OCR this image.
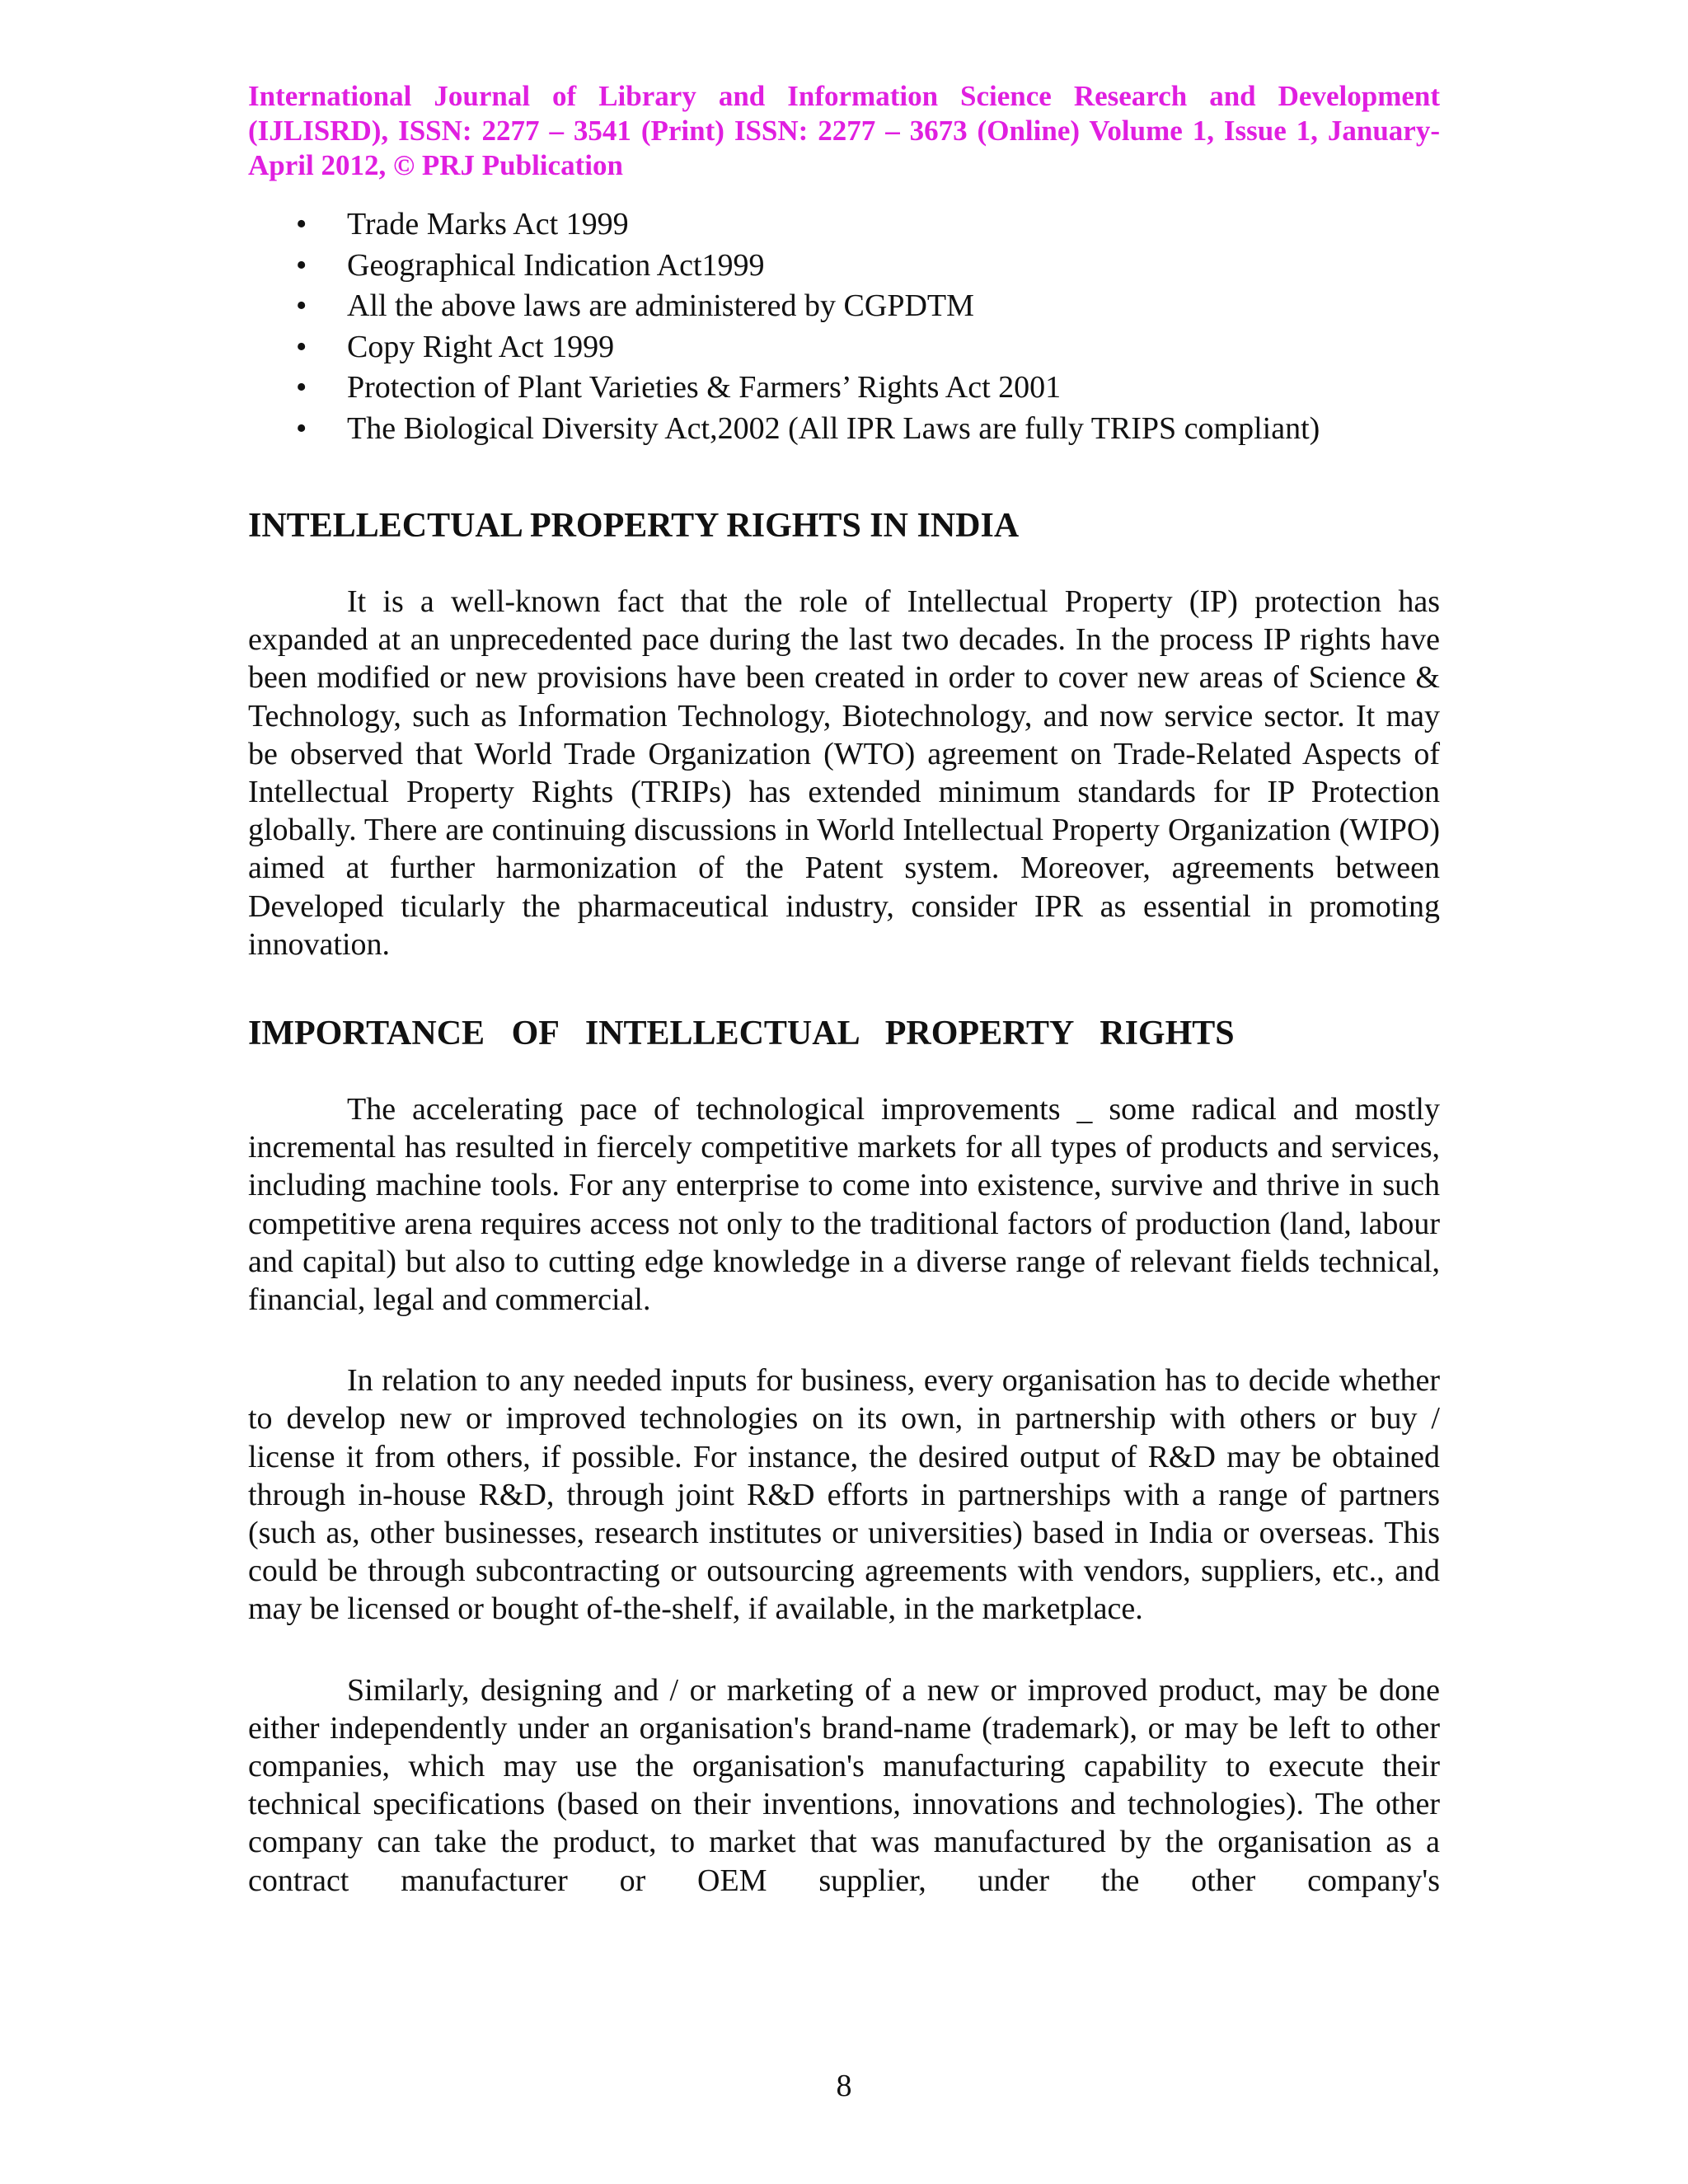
International Journal of Library and Information Science Research and Development (IJLISRD), ISSN: 2277 – 3541 (Print) ISSN: 2277 – 3673 (Online) Volume 1, Issue 1, January- April 2012, © PRJ Publication

• Trade Marks Act 1999
• Geographical Indication Act1999
• All the above laws are administered by CGPDTM
• Copy Right Act 1999
• Protection of Plant Varieties & Farmers’ Rights Act 2001
• The Biological Diversity Act,2002 (All IPR Laws are fully TRIPS compliant)
INTELLECTUAL PROPERTY RIGHTS IN INDIA

It is a well-known fact that the role of Intellectual Property (IP) protection has expanded at an unprecedented pace during the last two decades. In the process IP rights have been modified or new provisions have been created in order to cover new areas of Science & Technology, such as Information Technology, Biotechnology, and now service sector. It may be observed that World Trade Organization (WTO) agreement on Trade-Related Aspects of Intellectual Property Rights (TRIPs) has extended minimum standards for IP Protection globally. There are continuing discussions in World Intellectual Property Organization (WIPO) aimed at further harmonization of the Patent system. Moreover, agreements between Developed ticularly the pharmaceutical industry, consider IPR as essential in promoting innovation.

IMPORTANCE OF INTELLECTUAL PROPERTY RIGHTS

The accelerating pace of technological improvements _ some radical and mostly incremental has resulted in fiercely competitive markets for all types of products and services, including machine tools. For any enterprise to come into existence, survive and thrive in such competitive arena requires access not only to the traditional factors of production (land, labour and capital) but also to cutting edge knowledge in a diverse range of relevant fields technical, financial, legal and commercial.

In relation to any needed inputs for business, every organisation has to decide whether to develop new or improved technologies on its own, in partnership with others or buy / license it from others, if possible. For instance, the desired output of R&D may be obtained through in-house R&D, through joint R&D efforts in partnerships with a range of partners (such as, other businesses, research institutes or universities) based in India or overseas. This could be through subcontracting or outsourcing agreements with vendors, suppliers, etc., and may be licensed or bought of-the-shelf, if available, in the marketplace.

Similarly, designing and / or marketing of a new or improved product, may be done either independently under an organisation's brand-name (trademark), or may be left to other companies, which may use the organisation's manufacturing capability to execute their technical specifications (based on their inventions, innovations and technologies). The other company can take the product, to market that was manufactured by the organisation as a contract manufacturer or OEM supplier, under the other company's

8
